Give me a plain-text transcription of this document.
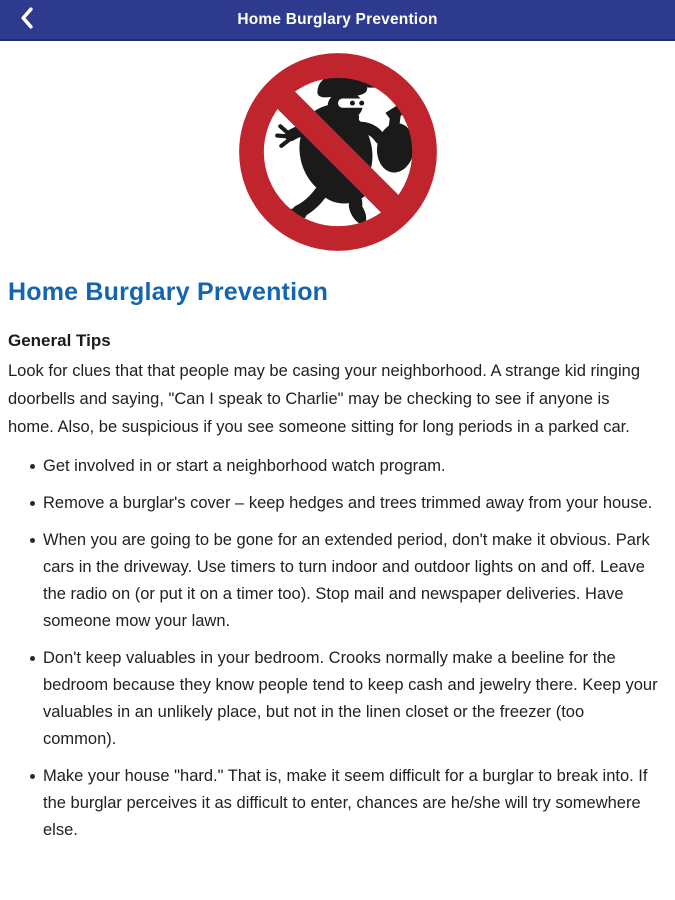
Home Burglary Prevention
Home Burglary Prevention
General Tips

Look for clues that that people may be casing your neighborhood. A strange kid ringing doorbells and saying, "Can I speak to Charlie" may be checking to see if anyone is home. Also, be suspicious if you see someone sitting for long periods in a parked car.

Get involved in or start a neighborhood watch program.
Remove a burglar's cover – keep hedges and trees trimmed away from your house.
When you are going to be gone for an extended period, don't make it obvious. Park cars in the driveway. Use timers to turn indoor and outdoor lights on and off. Leave the radio on (or put it on a timer too). Stop mail and newspaper deliveries. Have someone mow your lawn.
Don't keep valuables in your bedroom. Crooks normally make a beeline for the bedroom because they know people tend to keep cash and jewelry there. Keep your valuables in an unlikely place, but not in the linen closet or the freezer (too common).
Make your house "hard." That is, make it seem difficult for a burglar to break into. If the burglar perceives it as difficult to enter, chances are he/she will try somewhere else.
